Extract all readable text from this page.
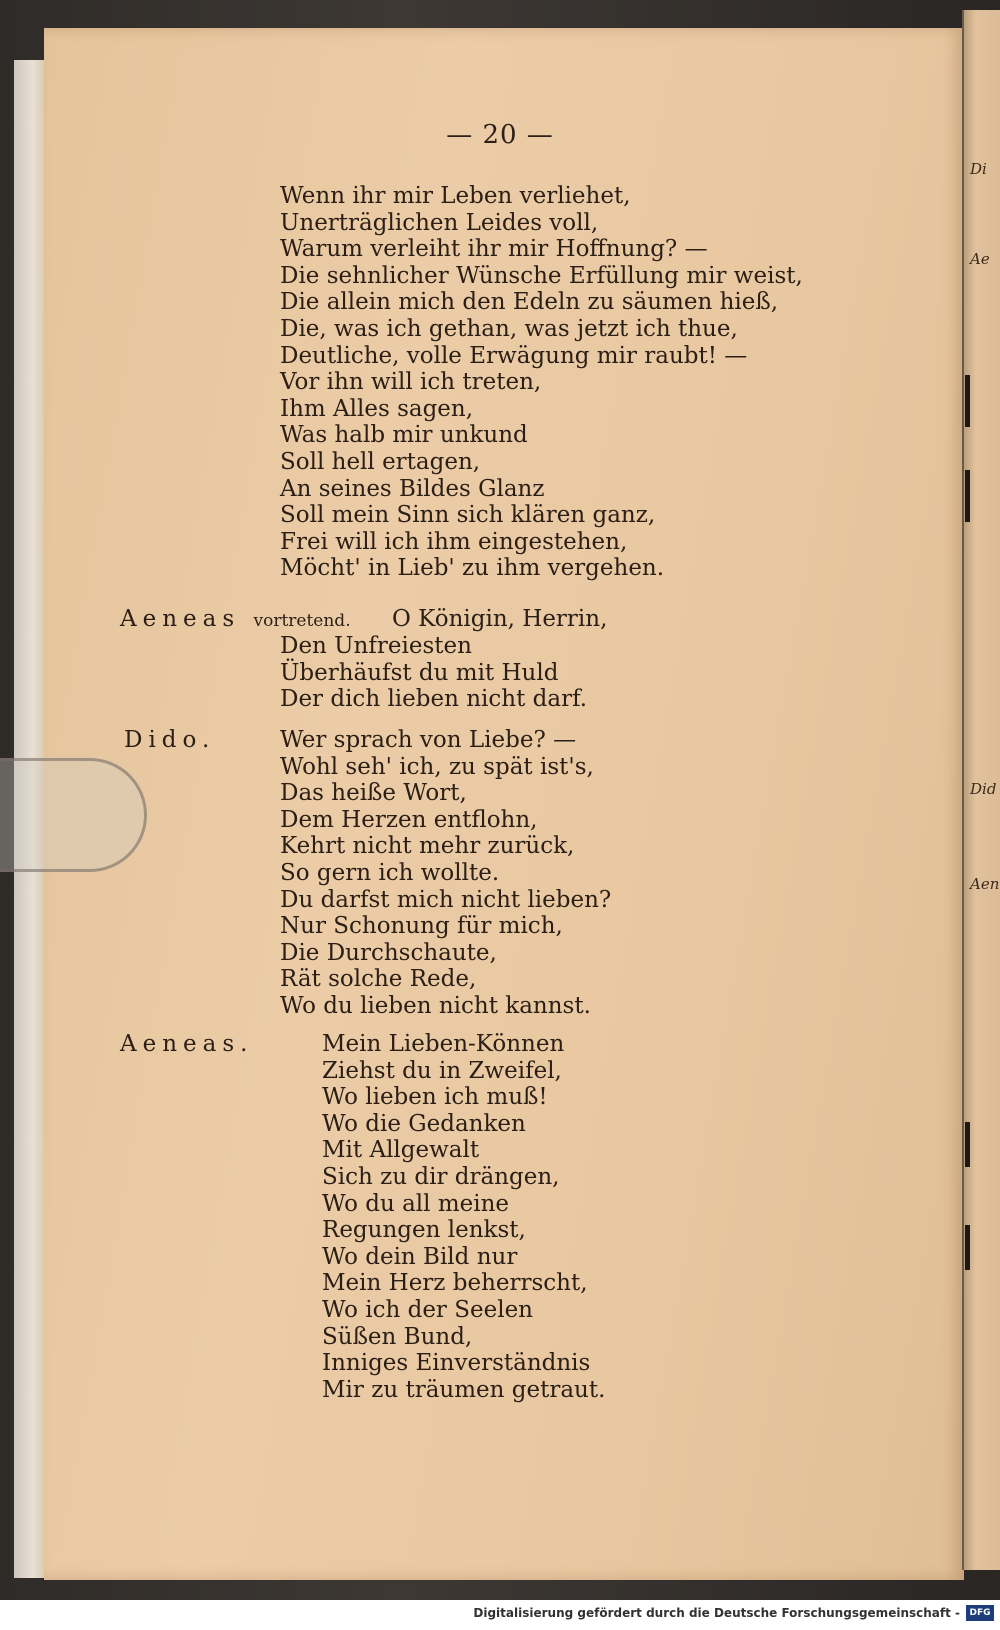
Di
Ae
Did
Aen
— 20 —
Wenn ihr mir Leben verliehet,
Unerträglichen Leides voll,
Warum verleiht ihr mir Hoffnung? —
Die sehnlicher Wünsche Erfüllung mir weist,
Die allein mich den Edeln zu säumen hieß,
Die, was ich gethan, was jetzt ich thue,
Deutliche, volle Erwägung mir raubt! —
Vor ihn will ich treten,
Ihm Alles sagen,
Was halb mir unkund
Soll hell ertagen,
An seines Bildes Glanz
Soll mein Sinn sich klären ganz,
Frei will ich ihm eingestehen,
Möcht' in Lieb' zu ihm vergehen.
Aeneas vortretend. O Königin, Herrin,
Den Unfreiesten
Überhäufst du mit Huld
Der dich lieben nicht darf.
Dido.	Wer sprach von Liebe? —
Wohl seh' ich, zu spät ist's,
Das heiße Wort,
Dem Herzen entflohn,
Kehrt nicht mehr zurück,
So gern ich wollte.
Du darfst mich nicht lieben?
Nur Schonung für mich,
Die Durchschaute,
Rät solche Rede,
Wo du lieben nicht kannst.
Aeneas.	Mein Lieben-Können
Ziehst du in Zweifel,
Wo lieben ich muß!
Wo die Gedanken
Mit Allgewalt
Sich zu dir drängen,
Wo du all meine
Regungen lenkst,
Wo dein Bild nur
Mein Herz beherrscht,
Wo ich der Seelen
Süßen Bund,
Inniges Einverständnis
Mir zu träumen getraut.
Digitalisierung gefördert durch die Deutsche Forschungsgemeinschaft -	DFG
